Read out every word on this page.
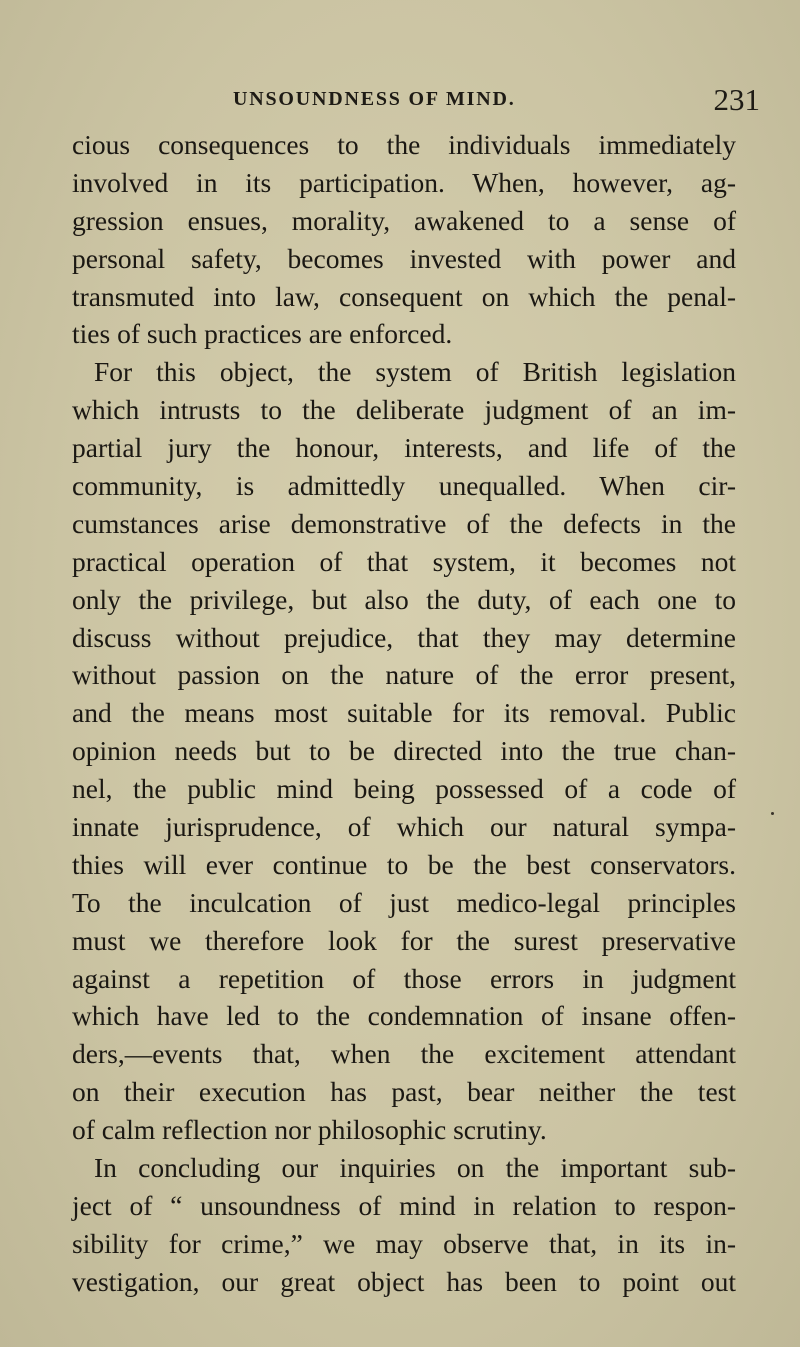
UNSOUNDNESS OF MIND.	231
cious consequences to the individuals immediately
involved in its participation. When, however, ag-
gression ensues, morality, awakened to a sense of
personal safety, becomes invested with power and
transmuted into law, consequent on which the penal-
ties of such practices are enforced.
For this object, the system of British legislation
which intrusts to the deliberate judgment of an im-
partial jury the honour, interests, and life of the
community, is admittedly unequalled. When cir-
cumstances arise demonstrative of the defects in the
practical operation of that system, it becomes not
only the privilege, but also the duty, of each one to
discuss without prejudice, that they may determine
without passion on the nature of the error present,
and the means most suitable for its removal. Public
opinion needs but to be directed into the true chan-
nel, the public mind being possessed of a code of
innate jurisprudence, of which our natural sympa-
thies will ever continue to be the best conservators.
To the inculcation of just medico-legal principles
must we therefore look for the surest preservative
against a repetition of those errors in judgment
which have led to the condemnation of insane offen-
ders,—events that, when the excitement attendant
on their execution has past, bear neither the test
of calm reflection nor philosophic scrutiny.
In concluding our inquiries on the important sub-
ject of “ unsoundness of mind in relation to respon-
sibility for crime,” we may observe that, in its in-
vestigation, our great object has been to point out
